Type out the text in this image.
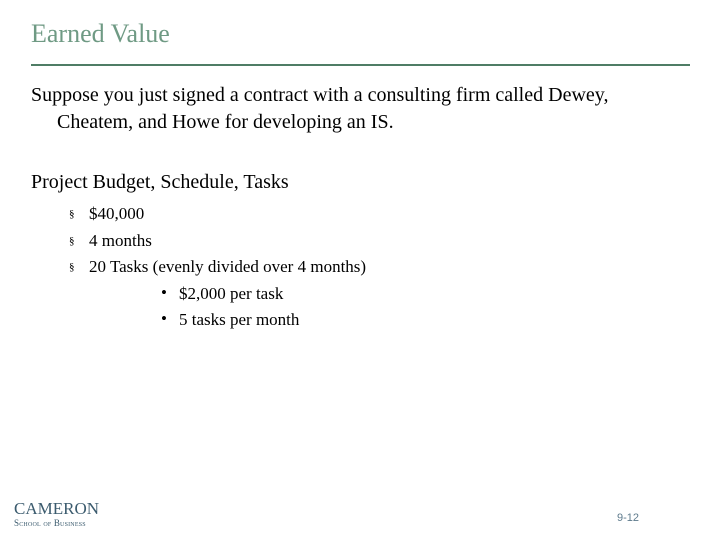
Earned Value

Suppose you just signed a contract with a consulting firm called Dewey, Cheatem, and Howe for developing an IS.

Project Budget, Schedule, Tasks

§ $40,000
§ 4 months
§ 20 Tasks (evenly divided over 4 months)
• $2,000 per task
• 5 tasks per month
CAMERON
School of Business	9-12
